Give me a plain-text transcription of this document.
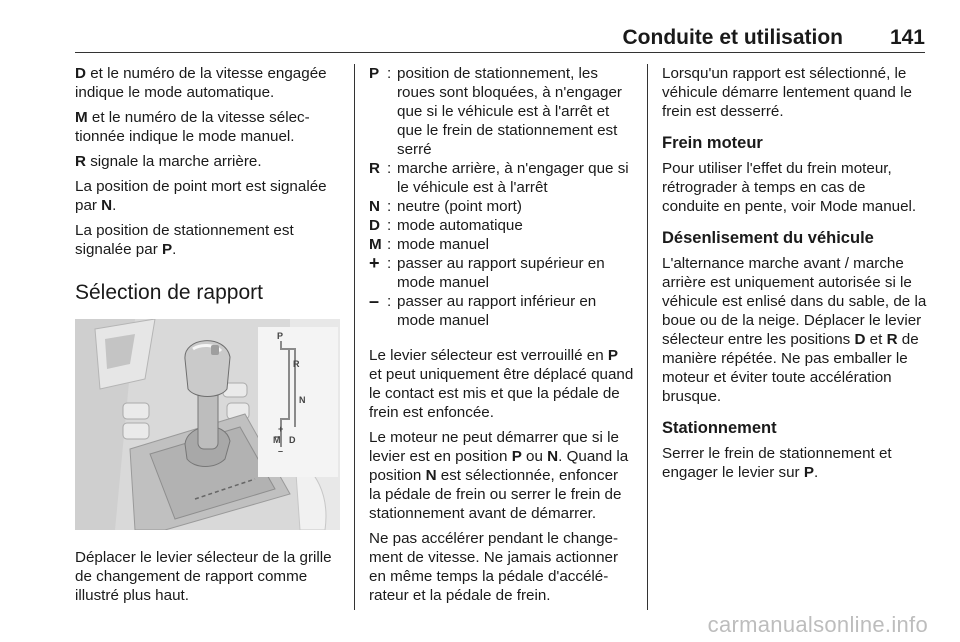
Conduite et utilisation 141

D et le numéro de la vitesse engagée indique le mode automatique.

M et le numéro de la vitesse sélectionnée indique le mode manuel.

R signale la marche arrière.

La position de point mort est signalée par N.

La position de stationnement est signalée par P.

Sélection de rapport
P
R
N
+
M D
–

Déplacer le levier sélecteur de la grille de changement de rapport comme illustré plus haut.

P : position de stationnement, les roues sont bloquées, à n'engager que si le véhicule est à l'arrêt et que le frein de stationnement est serré
R : marche arrière, à n'engager que si le véhicule est à l'arrêt
N : neutre (point mort)
D : mode automatique
M : mode manuel
+ : passer au rapport supérieur en mode manuel
– : passer au rapport inférieur en mode manuel

Le levier sélecteur est verrouillé en P et peut uniquement être déplacé quand le contact est mis et que la pédale de frein est enfoncée.

Le moteur ne peut démarrer que si le levier est en position P ou N. Quand la position N est sélectionnée, enfoncer la pédale de frein ou serrer le frein de stationnement avant de démarrer.

Ne pas accélérer pendant le changement de vitesse. Ne jamais actionner en même temps la pédale d'accélérateur et la pédale de frein.

Lorsqu'un rapport est sélectionné, le véhicule démarre lentement quand le frein est desserré.

Frein moteur

Pour utiliser l'effet du frein moteur, rétrograder à temps en cas de conduite en pente, voir Mode manuel.

Désenlisement du véhicule

L'alternance marche avant / marche arrière est uniquement autorisée si le véhicule est enlisé dans du sable, de la boue ou de la neige. Déplacer le levier sélecteur entre les positions D et R de manière répétée. Ne pas emballer le moteur et éviter toute accélération brusque.

Stationnement

Serrer le frein de stationnement et engager le levier sur P.

carmanualsonline.info
